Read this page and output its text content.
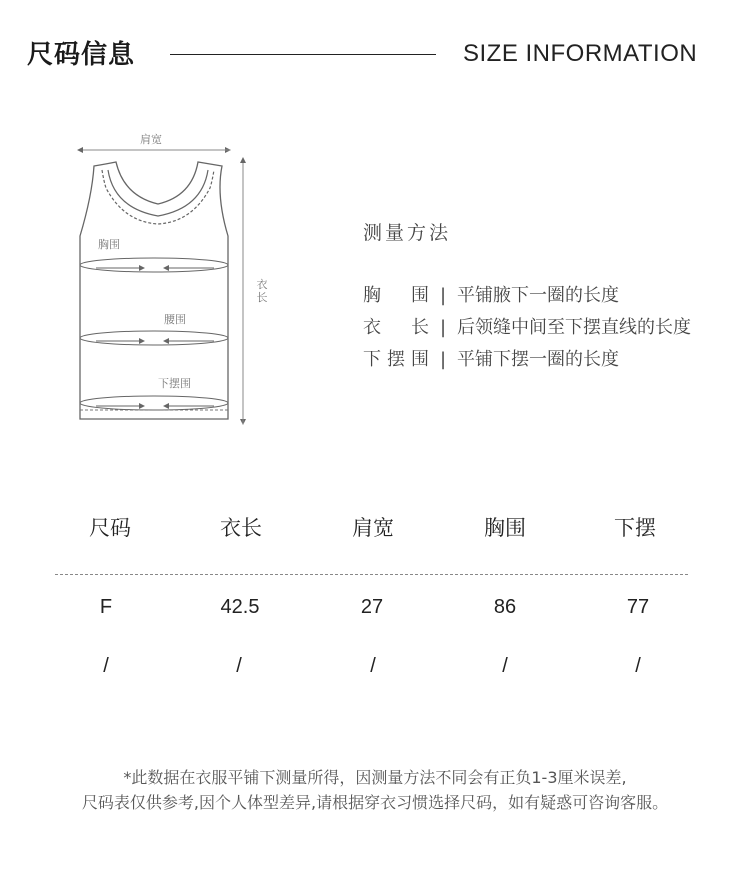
尺码信息	SIZE INFORMATION
肩宽
胸围
腰围
下摆围
衣长
测量方法
胸围 | 平铺腋下一圈的长度
衣长 | 后领缝中间至下摆直线的长度
下摆围 | 平铺下摆一圈的长度
尺码	衣长	肩宽	胸围	下摆
F	42.5	27	86	77
/	/	/	/	/
*此数据在衣服平铺下测量所得，因测量方法不同会有正负1-3厘米误差,
尺码表仅供参考,因个人体型差异,请根据穿衣习惯选择尺码，如有疑惑可咨询客服。
